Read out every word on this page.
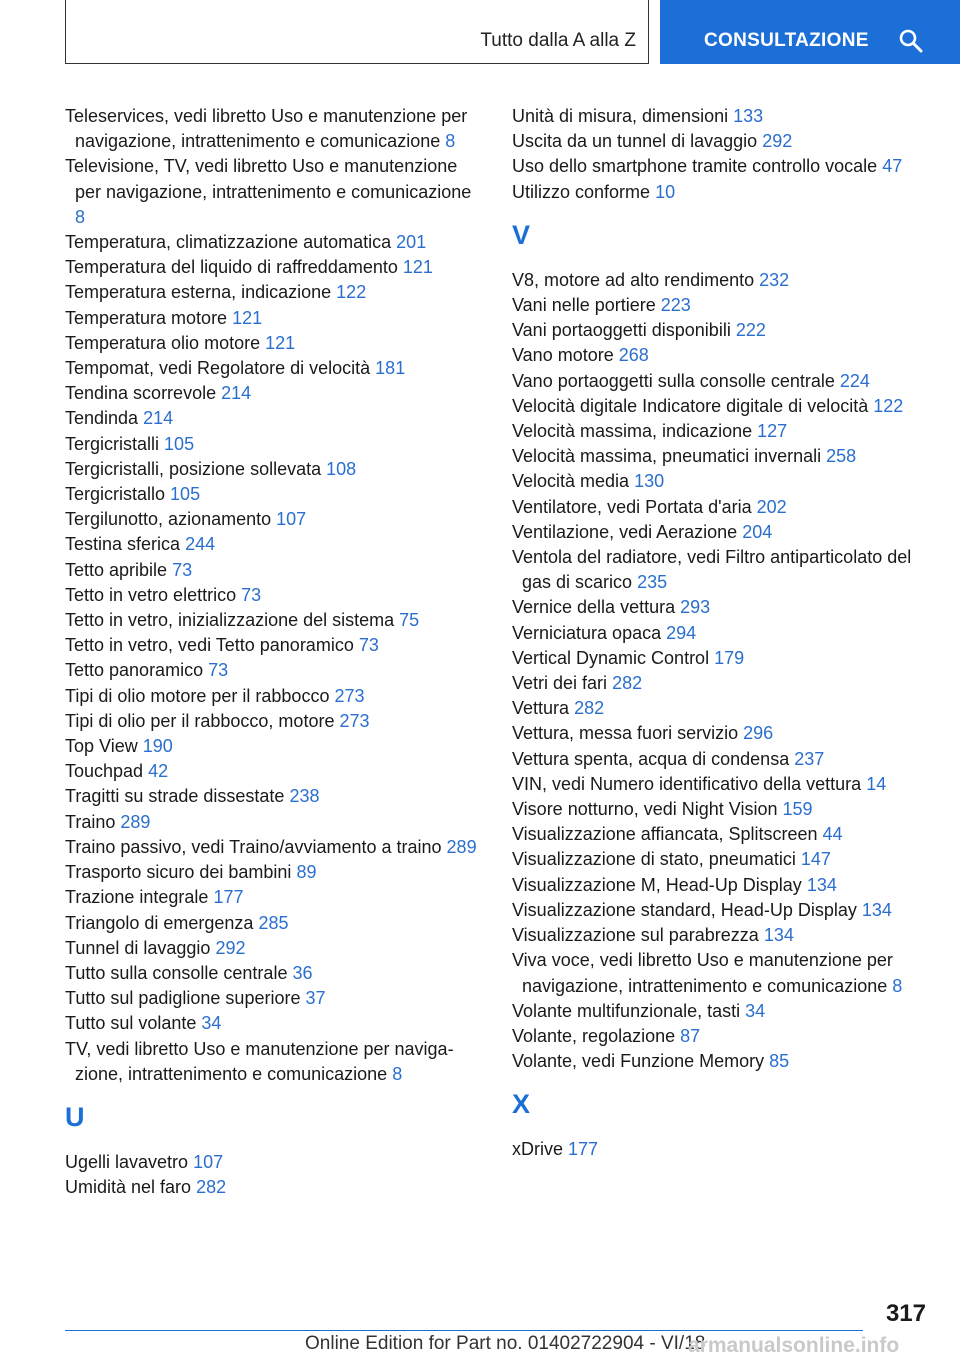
Tutto dalla A alla Z	CONSULTAZIONE

Teleservices, vedi libretto Uso e manutenzione per navigazione, intrattenimento e comunicazione 8

Televisione, TV, vedi libretto Uso e manutenzione per navigazione, intrattenimento e comunicazione 8

Temperatura, climatizzazione automatica 201

Temperatura del liquido di raffreddamento 121

Temperatura esterna, indicazione 122

Temperatura motore 121

Temperatura olio motore 121

Tempomat, vedi Regolatore di velocità 181

Tendina scorrevole 214

Tendinda 214

Tergicristalli 105

Tergicristalli, posizione sollevata 108

Tergicristallo 105

Tergilunotto, azionamento 107

Testina sferica 244

Tetto apribile 73

Tetto in vetro elettrico 73

Tetto in vetro, inizializzazione del sistema 75

Tetto in vetro, vedi Tetto panoramico 73

Tetto panoramico 73

Tipi di olio motore per il rabbocco 273

Tipi di olio per il rabbocco, motore 273

Top View 190

Touchpad 42

Tragitti su strade dissestate 238

Traino 289

Traino passivo, vedi Traino/avviamento a traino 289

Trasporto sicuro dei bambini 89

Trazione integrale 177

Triangolo di emergenza 285

Tunnel di lavaggio 292

Tutto sulla consolle centrale 36

Tutto sul padiglione superiore 37

Tutto sul volante 34

TV, vedi libretto Uso e manutenzione per navigazione, intrattenimento e comunicazione 8

U

Ugelli lavavetro 107

Umidità nel faro 282

Unità di misura, dimensioni 133

Uscita da un tunnel di lavaggio 292

Uso dello smartphone tramite controllo vocale 47

Utilizzo conforme 10

V

V8, motore ad alto rendimento 232

Vani nelle portiere 223

Vani portaoggetti disponibili 222

Vano motore 268

Vano portaoggetti sulla consolle centrale 224

Velocità digitale Indicatore digitale di velocità 122

Velocità massima, indicazione 127

Velocità massima, pneumatici invernali 258

Velocità media 130

Ventilatore, vedi Portata d'aria 202

Ventilazione, vedi Aerazione 204

Ventola del radiatore, vedi Filtro antiparticolato del gas di scarico 235

Vernice della vettura 293

Verniciatura opaca 294

Vertical Dynamic Control 179

Vetri dei fari 282

Vettura 282

Vettura, messa fuori servizio 296

Vettura spenta, acqua di condensa 237

VIN, vedi Numero identificativo della vettura 14

Visore notturno, vedi Night Vision 159

Visualizzazione affiancata, Splitscreen 44

Visualizzazione di stato, pneumatici 147

Visualizzazione M, Head-Up Display 134

Visualizzazione standard, Head-Up Display 134

Visualizzazione sul parabrezza 134

Viva voce, vedi libretto Uso e manutenzione per navigazione, intrattenimento e comunicazione 8

Volante multifunzionale, tasti 34

Volante, regolazione 87

Volante, vedi Funzione Memory 85

X

xDrive 177

317
Online Edition for Part no. 01402722904 - VI/18
armanualsonline.info
